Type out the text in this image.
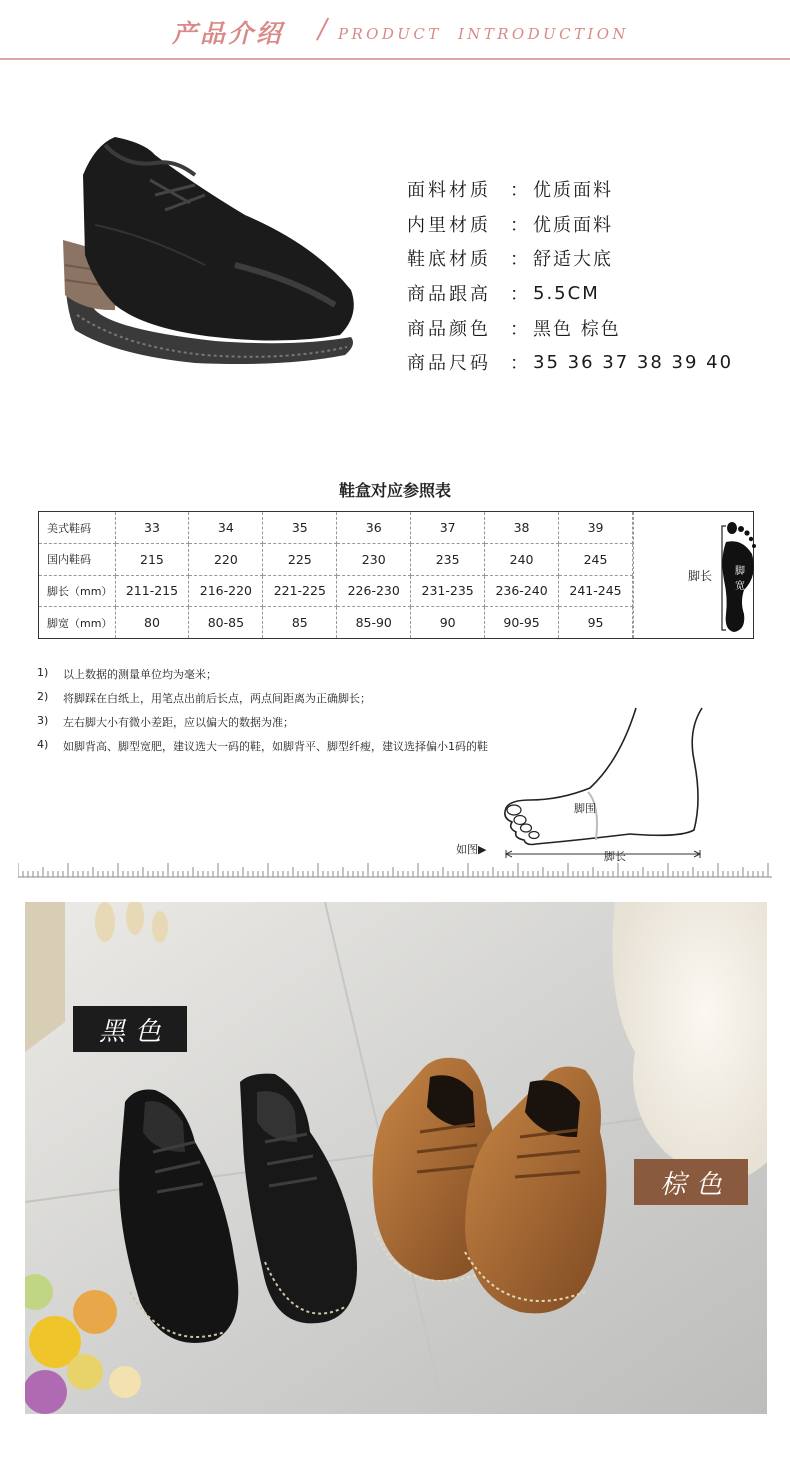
产品介绍 / PRODUCT  INTRODUCTION
面料材质	： 优质面料
内里材质	： 优质面料
鞋底材质	： 舒适大底
商品跟高	： 5.5CM
商品颜色	： 黑色 棕色
商品尺码	： 35 36 37 38 39 40
鞋盒对应参照表
美式鞋码	33	34	35	36	37	38	39
国内鞋码	215	220	225	230	235	240	245
脚长（mm）	211-215	216-220	221-225	226-230	231-235	236-240	241-245
脚宽（mm）	80	80-85	85	85-90	90	90-95	95
脚长 脚宽
1)	以上数据的测量单位均为毫米；
2)	将脚踩在白纸上，用笔点出前后长点，两点间距离为正确脚长；
3)	左右脚大小有微小差距，应以偏大的数据为准；
4)	如脚背高、脚型宽肥，建议选大一码的鞋，如脚背平、脚型纤瘦，建议选择偏小1码的鞋
如图▶
脚围
脚长
黑色
棕色
